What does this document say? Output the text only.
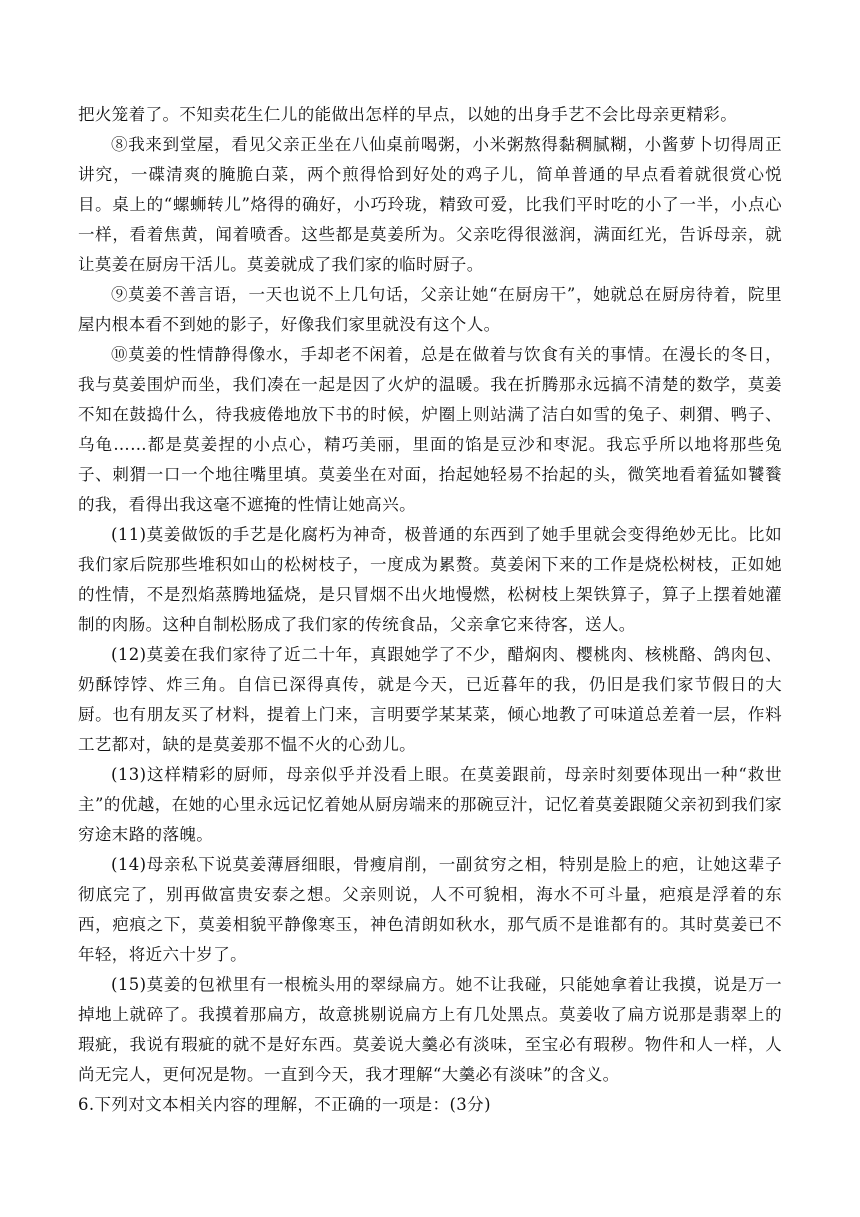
把火笼着了。不知卖花生仁儿的能做出怎样的早点，以她的出身手艺不会比母亲更精彩。

⑧我来到堂屋，看见父亲正坐在八仙桌前喝粥，小米粥熬得黏稠腻糊，小酱萝卜切得周正讲究，一碟清爽的腌脆白菜，两个煎得恰到好处的鸡子儿，简单普通的早点看着就很赏心悦目。桌上的“螺蛳转儿”烙得的确好，小巧玲珑，精致可爱，比我们平时吃的小了一半，小点心一样，看着焦黄，闻着喷香。这些都是莫姜所为。父亲吃得很滋润，满面红光，告诉母亲，就让莫姜在厨房干活儿。莫姜就成了我们家的临时厨子。

⑨莫姜不善言语，一天也说不上几句话，父亲让她“在厨房干”，她就总在厨房待着，院里屋内根本看不到她的影子，好像我们家里就没有这个人。

⑩莫姜的性情静得像水，手却老不闲着，总是在做着与饮食有关的事情。在漫长的冬日，我与莫姜围炉而坐，我们凑在一起是因了火炉的温暖。我在折腾那永远搞不清楚的数学，莫姜不知在鼓捣什么，待我疲倦地放下书的时候，炉圈上则站满了洁白如雪的兔子、刺猬、鸭子、乌龟……都是莫姜捏的小点心，精巧美丽，里面的馅是豆沙和枣泥。我忘乎所以地将那些兔子、刺猬一口一个地往嘴里填。莫姜坐在对面，抬起她轻易不抬起的头，微笑地看着猛如饕餮的我，看得出我这毫不遮掩的性情让她高兴。

(11)莫姜做饭的手艺是化腐朽为神奇，极普通的东西到了她手里就会变得绝妙无比。比如我们家后院那些堆积如山的松树枝子，一度成为累赘。莫姜闲下来的工作是烧松树枝，正如她的性情，不是烈焰蒸腾地猛烧，是只冒烟不出火地慢燃，松树枝上架铁算子，算子上摆着她灌制的肉肠。这种自制松肠成了我们家的传统食品，父亲拿它来待客，送人。

(12)莫姜在我们家待了近二十年，真跟她学了不少，醋焖肉、樱桃肉、核桃酪、鸽肉包、奶酥饽饽、炸三角。自信已深得真传，就是今天，已近暮年的我，仍旧是我们家节假日的大厨。也有朋友买了材料，提着上门来，言明要学某某菜，倾心地教了可味道总差着一层，作料工艺都对，缺的是莫姜那不愠不火的心劲儿。

(13)这样精彩的厨师，母亲似乎并没看上眼。在莫姜跟前，母亲时刻要体现出一种“救世主”的优越，在她的心里永远记忆着她从厨房端来的那碗豆汁，记忆着莫姜跟随父亲初到我们家穷途末路的落魄。

(14)母亲私下说莫姜薄唇细眼，骨瘦肩削，一副贫穷之相，特别是脸上的疤，让她这辈子彻底完了，别再做富贵安泰之想。父亲则说，人不可貌相，海水不可斗量，疤痕是浮着的东西，疤痕之下，莫姜相貌平静像寒玉，神色清朗如秋水，那气质不是谁都有的。其时莫姜已不年轻，将近六十岁了。

(15)莫姜的包袱里有一根梳头用的翠绿扁方。她不让我碰，只能她拿着让我摸，说是万一掉地上就碎了。我摸着那扁方，故意挑剔说扁方上有几处黑点。莫姜收了扁方说那是翡翠上的瑕疵，我说有瑕疵的就不是好东西。莫姜说大羹必有淡味，至宝必有瑕秽。物件和人一样，人尚无完人，更何况是物。一直到今天，我才理解“大羹必有淡味”的含义。

6.下列对文本相关内容的理解，不正确的一项是：(3分)
